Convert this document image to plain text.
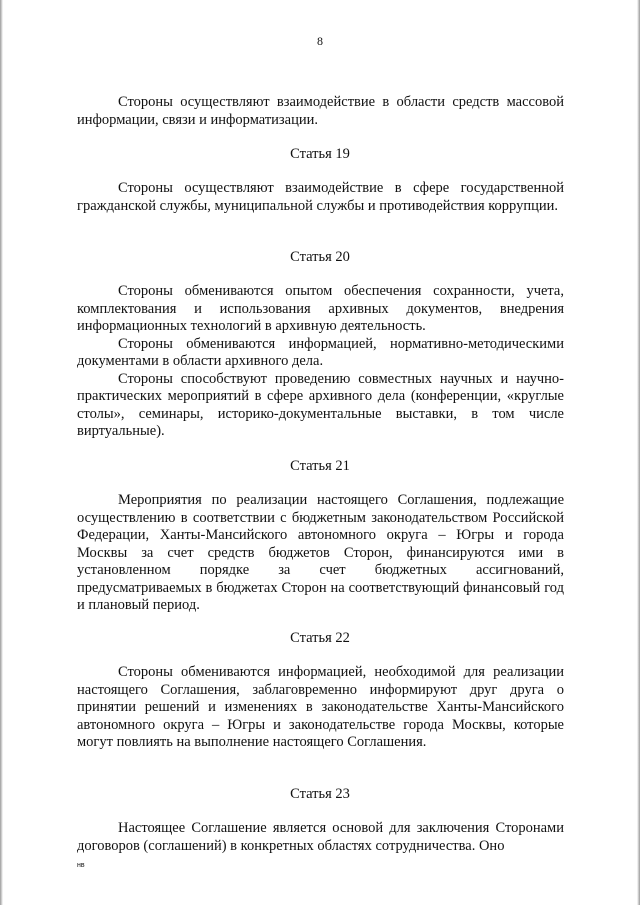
8

Стороны осуществляют взаимодействие в области средств массовой информации, связи и информатизации.

Статья 19

Стороны осуществляют взаимодействие в сфере государственной гражданской службы, муниципальной службы и противодействия коррупции.

Статья 20

Стороны обмениваются опытом обеспечения сохранности, учета, комплектования и использования архивных документов, внедрения информационных технологий в архивную деятельность.

Стороны обмениваются информацией, нормативно-методическими документами в области архивного дела.

Стороны способствуют проведению совместных научных и научно-практических мероприятий в сфере архивного дела (конференции, «круглые столы», семинары, историко-документальные выставки, в том числе виртуальные).

Статья 21

Мероприятия по реализации настоящего Соглашения, подлежащие осуществлению в соответствии с бюджетным законодательством Российской Федерации, Ханты-Мансийского автономного округа – Югры и города Москвы за счет средств бюджетов Сторон, финансируются ими в установленном порядке за счет бюджетных ассигнований, предусматриваемых в бюджетах Сторон на соответствующий финансовый год и плановый период.

Статья 22

Стороны обмениваются информацией, необходимой для реализации настоящего Соглашения, заблаговременно информируют друг друга о принятии решений и изменениях в законодательстве Ханты-Мансийского автономного округа – Югры и законодательстве города Москвы, которые могут повлиять на выполнение настоящего Соглашения.

Статья 23

Настоящее Соглашение является основой для заключения Сторонами договоров (соглашений) в конкретных областях сотрудничества. Оно

нв
